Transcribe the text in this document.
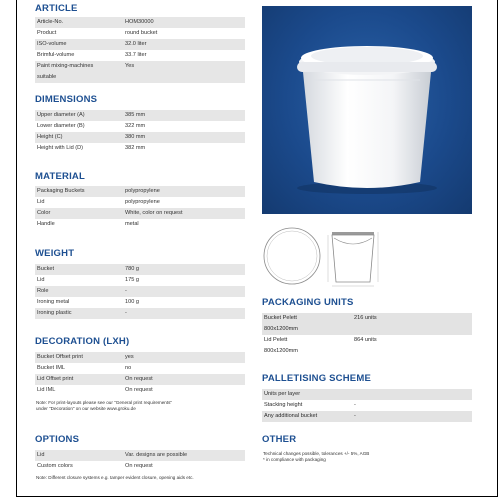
ARTICLE
Article-No.	HOM30000
Product	round bucket
ISO-volume	32.0 liter
Brimful-volume	33.7 liter
Paint mixing-machines	Yes
suitable
DIMENSIONS
Upper diameter (A)	385 mm
Lower diameter (B)	322 mm
Height (C)	380 mm
Height with Lid (D)	382 mm
MATERIAL
Packaging Buckets	polypropylene
Lid	polypropylene
Color	White, color on request
Handle	metal
WEIGHT
Bucket	780 g
Lid	175 g
Role	-
Ironing metal	100 g
Ironing plastic	-
DECORATION (LXH)
Bucket Offset print	yes
Bucket IML	no
Lid Offset print	On request
Lid IML	On request
Note: For print-layouts please see our "General print requirements"
under "Decoration" on our website www.groku.de
OPTIONS
Lid	Var. designs are possible
Custom colors	On request
Note: Different closure systems e.g. tamper evident closure, opening aids etc.
PACKAGING UNITS
Bucket Pelett	216 units
800x1200mm
Lid Pelett	864 units
800x1200mm
PALLETISING SCHEME
Units per layer
Stacking height	-
Any additional bucket	-
OTHER
Technical changes possible, tolerances +/- 5%, AGB
* in compliance with packaging
